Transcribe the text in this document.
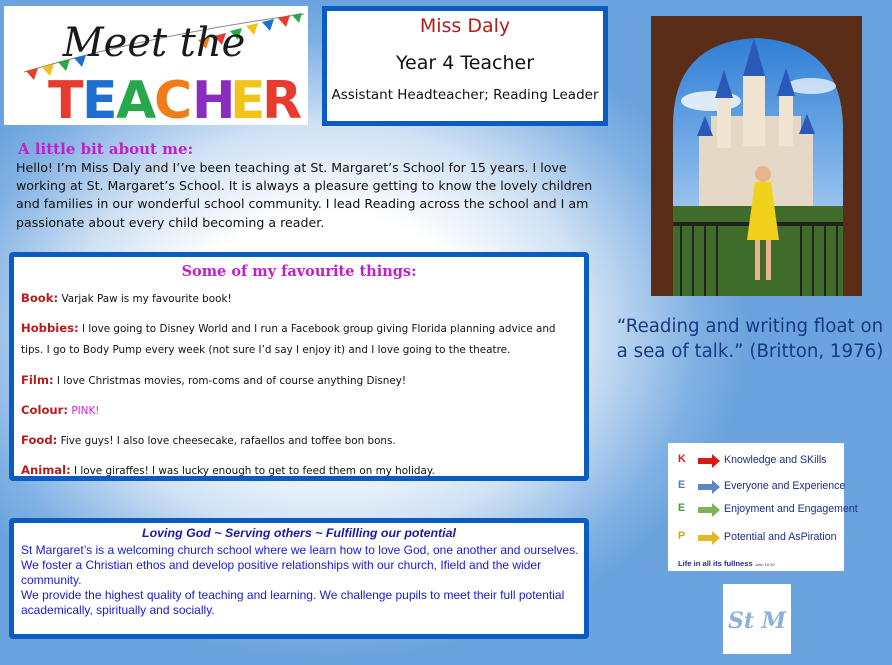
Meet the
T
E
A
C H
E
R
Miss Daly
Year 4 Teacher
Assistant Headteacher; Reading Leader
A little bit about me:
Hello! I’m Miss Daly and I’ve been teaching at St. Margaret’s School for 15 years. I love working at St. Margaret’s School. It is always a pleasure getting to know the lovely children and families in our wonderful school community. I lead Reading across the school and I am passionate about every child becoming a reader.
Some of my favourite things:
Book: Varjak Paw is my favourite book!
Hobbies: I love going to Disney World and I run a Facebook group giving Florida planning advice and tips. I go to Body Pump every week (not sure I’d say I enjoy it) and I love going to the theatre.
Film: I love Christmas movies, rom-coms and of course anything Disney!
Colour: PINK!
Food: Five guys! I also love cheesecake, rafaellos and toffee bon bons.
Animal: I love giraffes! I was lucky enough to get to feed them on my holiday.
Loving God ~ Serving others ~ Fulfilling our potential
St Margaret’s is a welcoming church school where we learn how to love God, one another and ourselves.
We foster a Christian ethos and develop positive relationships with our church, Ifield and the wider community.
We provide the highest quality of teaching and learning. We challenge pupils to meet their full potential academically, spiritually and socially.
“Reading and writing float on a sea of talk.” (Britton, 1976)
K	Knowledge and SKills
E	Everyone and Experience
E	Enjoyment and Engagement
P	Potential and AsPiration
Life in all its fullness John 10:10
St M
